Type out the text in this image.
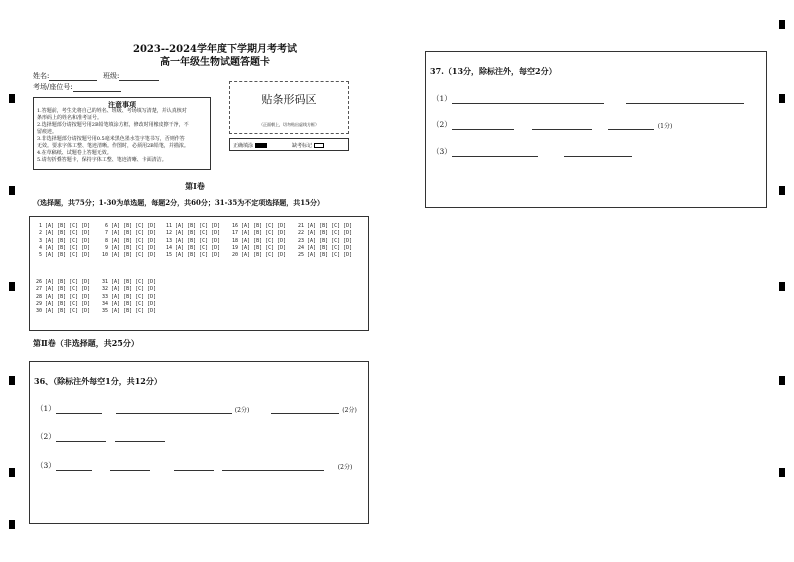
2023--2024学年度下学期月考考试
高一年级生物试题答题卡
姓名:	班级:
考场/座位号:
注意事项
1.答题前，考生先将自己的姓名、班级、考场填写清楚，并认真核对
条形码上的姓名和准考证号。
2.选择题部分请按题号用2B铅笔填涂方框，修改时用橡皮擦干净，不
留痕迹。
3.非选择题部分请按题号用0.5毫米黑色墨水签字笔书写，否则作答
无效。要求字体工整、笔迹清晰。作图时，必须用2B铅笔，并描浓。
4.在草稿纸、试题卷上答题无效。
5.请勿折叠答题卡，保持字体工整、笔迹清晰、卡面清洁。
贴条形码区
（正面朝上，切勿贴出虚线方框）
正确填涂	缺考标记
第Ⅰ卷
（选择题，共75分；1-30为单选题，每题2分，共60分；31-35为不定项选择题，共15分）
1 [A] [B] [C] [D]
2 [A] [B] [C] [D]
3 [A] [B] [C] [D]
4 [A] [B] [C] [D]
5 [A] [B] [C] [D]
6 [A] [B] [C] [D]
7 [A] [B] [C] [D]
8 [A] [B] [C] [D]
9 [A] [B] [C] [D]
10 [A] [B] [C] [D]
11 [A] [B] [C] [D]
12 [A] [B] [C] [D]
13 [A] [B] [C] [D]
14 [A] [B] [C] [D]
15 [A] [B] [C] [D]
16 [A] [B] [C] [D]
17 [A] [B] [C] [D]
18 [A] [B] [C] [D]
19 [A] [B] [C] [D]
20 [A] [B] [C] [D]
21 [A] [B] [C] [D]
22 [A] [B] [C] [D]
23 [A] [B] [C] [D]
24 [A] [B] [C] [D]
25 [A] [B] [C] [D]
26 [A] [B] [C] [D]
27 [A] [B] [C] [D]
28 [A] [B] [C] [D]
29 [A] [B] [C] [D]
30 [A] [B] [C] [D]
31 [A] [B] [C] [D]
32 [A] [B] [C] [D]
33 [A] [B] [C] [D]
34 [A] [B] [C] [D]
35 [A] [B] [C] [D]
第Ⅱ卷（非选择题，共25分）
36、（除标注外每空1分，共12分）
（1）	(2分)	(2分)
（2）
（3）	(2分)
37.（13分，除标注外，每空2分）
（1）
（2）	(1分)
（3）
